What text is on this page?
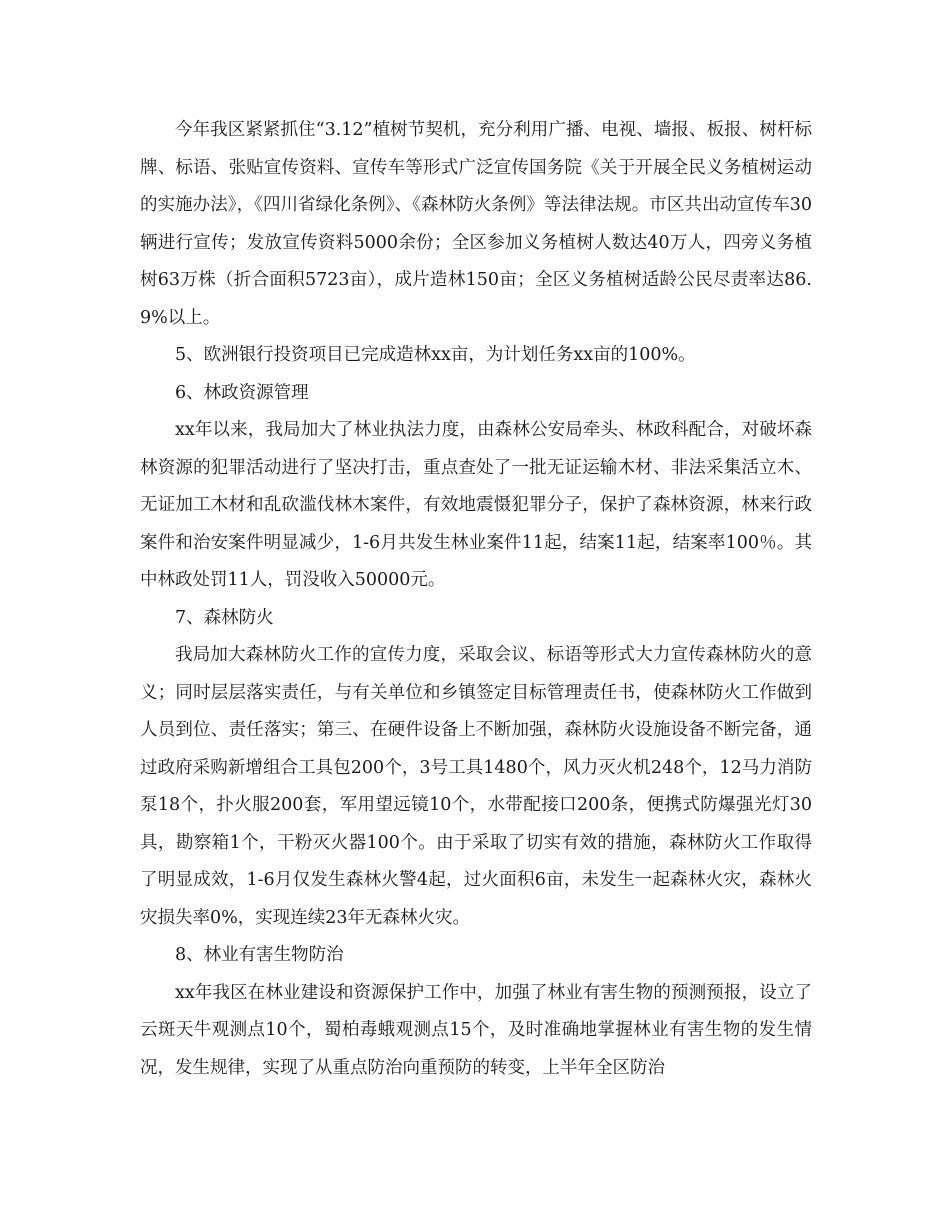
今年我区紧紧抓住“3.12”植树节契机，充分利用广播、电视、墙报、板报、树杆标牌、标语、张贴宣传资料、宣传车等形式广泛宣传国务院《关于开展全民义务植树运动的实施办法》，《四川省绿化条例》、《森林防火条例》等法律法规。市区共出动宣传车30辆进行宣传；发放宣传资料5000余份；全区参加义务植树人数达40万人，四旁义务植树63万株（折合面积5723亩），成片造林150亩；全区义务植树适龄公民尽责率达86.9%以上。

5、欧洲银行投资项目已完成造林xx亩，为计划任务xx亩的100%。

6、林政资源管理

xx年以来，我局加大了林业执法力度，由森林公安局牵头、林政科配合，对破坏森林资源的犯罪活动进行了坚决打击，重点查处了一批无证运输木材、非法采集活立木、无证加工木材和乱砍滥伐林木案件，有效地震慑犯罪分子，保护了森林资源，林来行政案件和治安案件明显减少，1-6月共发生林业案件11起，结案11起，结案率100％。其中林政处罚11人，罚没收入50000元。

7、森林防火

我局加大森林防火工作的宣传力度，采取会议、标语等形式大力宣传森林防火的意义；同时层层落实责任，与有关单位和乡镇签定目标管理责任书，使森林防火工作做到人员到位、责任落实；第三、在硬件设备上不断加强，森林防火设施设备不断完备，通过政府采购新增组合工具包200个，3号工具1480个，风力灭火机248个，12马力消防泵18个，扑火服200套，军用望远镜10个，水带配接口200条，便携式防爆强光灯30具，勘察箱1个，干粉灭火器100个。由于采取了切实有效的措施，森林防火工作取得了明显成效，1-6月仅发生森林火警4起，过火面积6亩，未发生一起森林火灾，森林火灾损失率0%，实现连续23年无森林火灾。

8、林业有害生物防治

xx年我区在林业建设和资源保护工作中，加强了林业有害生物的预测预报，设立了云斑天牛观测点10个，蜀柏毒蛾观测点15个，及时准确地掌握林业有害生物的发生情况，发生规律，实现了从重点防治向重预防的转变，上半年全区防治
